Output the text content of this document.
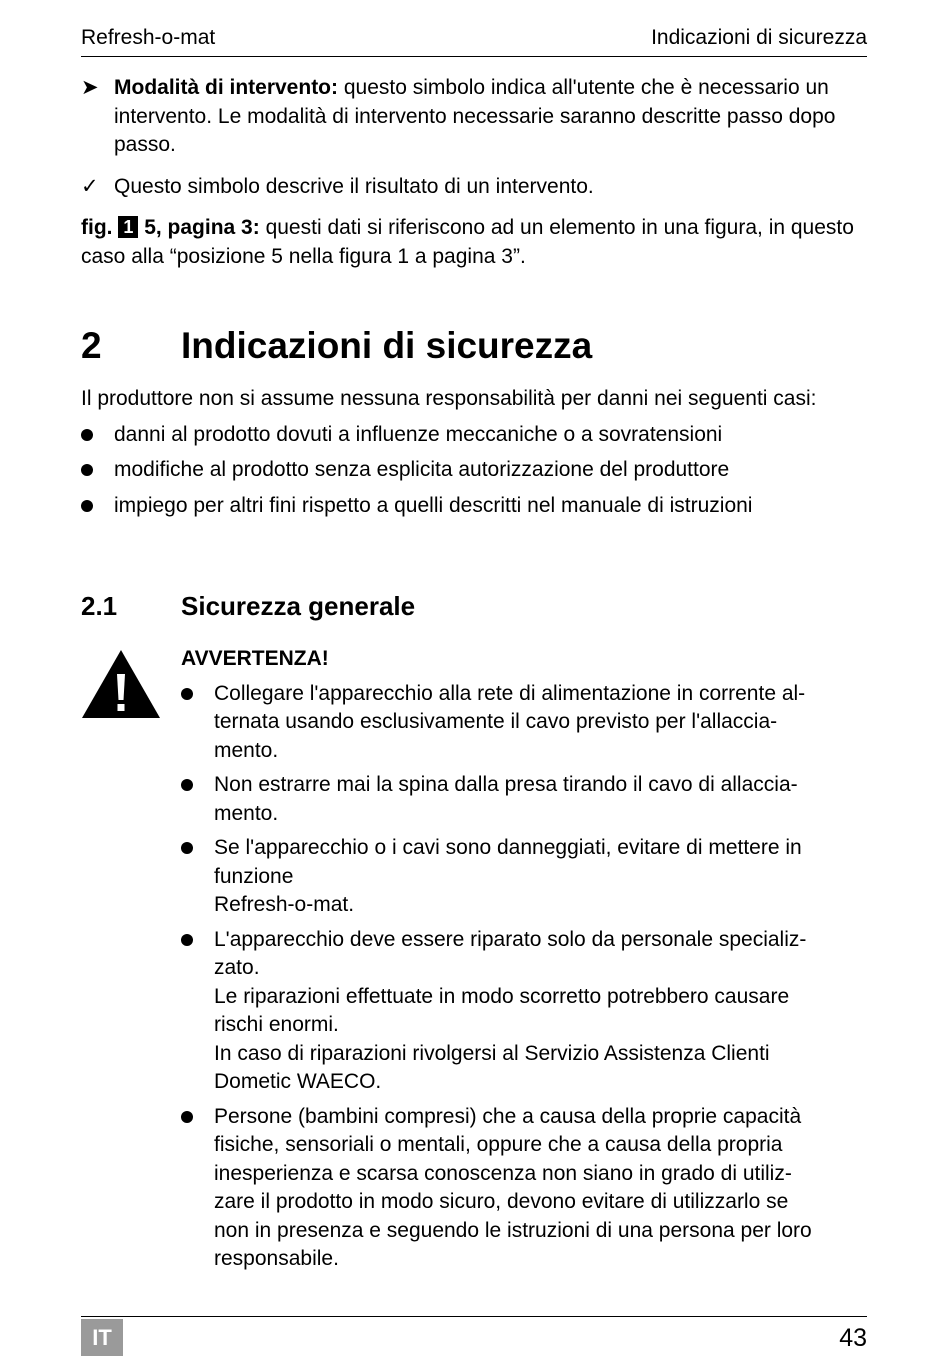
Refresh-o-mat	Indicazioni di sicurezza
➤ Modalità di intervento: questo simbolo indica all'utente che è necessario un intervento. Le modalità di intervento necessarie saranno descritte passo dopo passo.

✓ Questo simbolo descrive il risultato di un intervento.

fig. 1 5, pagina 3: questi dati si riferiscono ad un elemento in una figura, in questo caso alla “posizione 5 nella figura 1 a pagina 3”.

2 Indicazioni di sicurezza

Il produttore non si assume nessuna responsabilità per danni nei seguenti casi:

danni al prodotto dovuti a influenze meccaniche o a sovratensioni
modifiche al prodotto senza esplicita autorizzazione del produttore
impiego per altri fini rispetto a quelli descritti nel manuale di istruzioni
2.1 Sicurezza generale

AVVERTENZA!

Collegare l'apparecchio alla rete di alimentazione in corrente al-
ternata usando esclusivamente il cavo previsto per l'allaccia-
mento.
Non estrarre mai la spina dalla presa tirando il cavo di allaccia-
mento.
Se l'apparecchio o i cavi sono danneggiati, evitare di mettere in
funzione
Refresh-o-mat.
L'apparecchio deve essere riparato solo da personale specializ-
zato.
Le riparazioni effettuate in modo scorretto potrebbero causare
rischi enormi.
In caso di riparazioni rivolgersi al Servizio Assistenza Clienti
Dometic WAECO.
Persone (bambini compresi) che a causa della proprie capacità
fisiche, sensoriali o mentali, oppure che a causa della propria
inesperienza e scarsa conoscenza non siano in grado di utiliz-
zare il prodotto in modo sicuro, devono evitare di utilizzarlo se
non in presenza e seguendo le istruzioni di una persona per loro
responsabile.
IT	43
